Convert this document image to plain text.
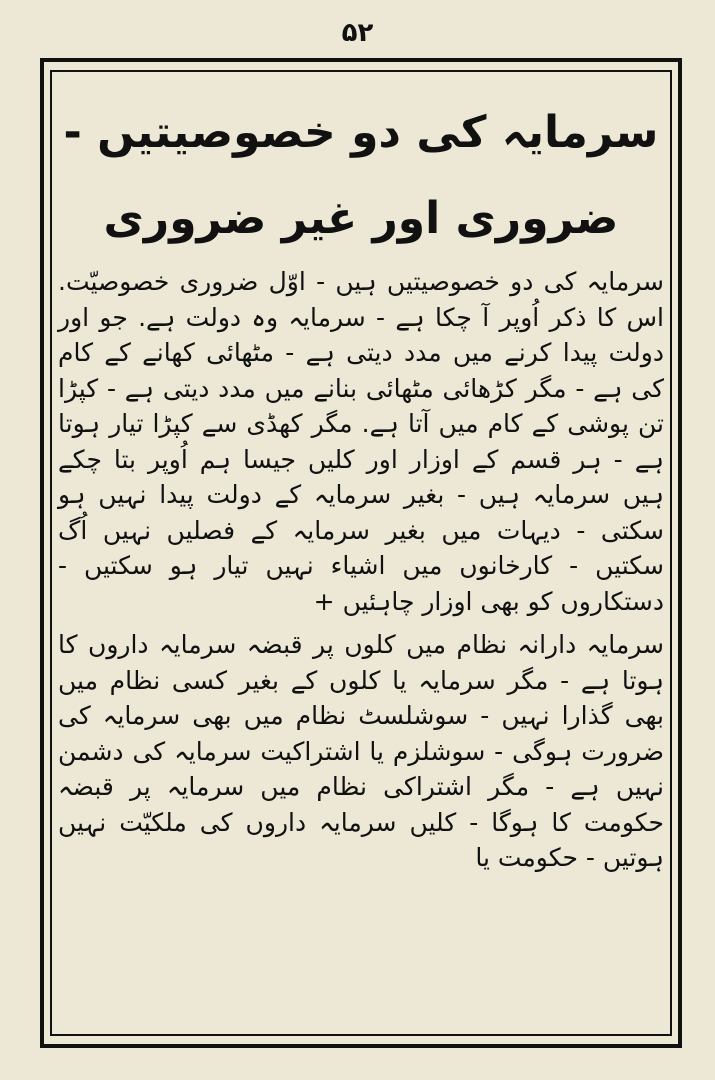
۵۲
سرمایہ کی دو خصوصیتیں - ضروری اور غیر ضروری

سرمایہ کی دو خصوصیتیں ہیں - اوّل ضروری خصوصیّت. اس کا ذکر اُوپر آ چکا ہے - سرمایہ وہ دولت ہے. جو اور دولت پیدا کرنے میں مدد دیتی ہے - مٹھائی کھانے کے کام کی ہے - مگر کڑھائی مٹھائی بنانے میں مدد دیتی ہے - کپڑا تن پوشی کے کام میں آتا ہے. مگر کھڈی سے کپڑا تیار ہوتا ہے - ہر قسم کے اوزار اور کلیں جیسا ہم اُوپر بتا چکے ہیں سرمایہ ہیں - بغیر سرمایہ کے دولت پیدا نہیں ہو سکتی - دیہات میں بغیر سرمایہ کے فصلیں نہیں اُگ سکتیں - کارخانوں میں اشیاء نہیں تیار ہو سکتیں - دستکاروں کو بھی اوزار چاہئیں +

سرمایہ دارانہ نظام میں کلوں پر قبضہ سرمایہ داروں کا ہوتا ہے - مگر سرمایہ یا کلوں کے بغیر کسی نظام میں بھی گذارا نہیں - سوشلسٹ نظام میں بھی سرمایہ کی ضرورت ہوگی - سوشلزم یا اشتراکیت سرمایہ کی دشمن نہیں ہے - مگر اشتراکی نظام میں سرمایہ پر قبضہ حکومت کا ہوگا - کلیں سرمایہ داروں کی ملکیّت نہیں ہوتیں - حکومت یا
